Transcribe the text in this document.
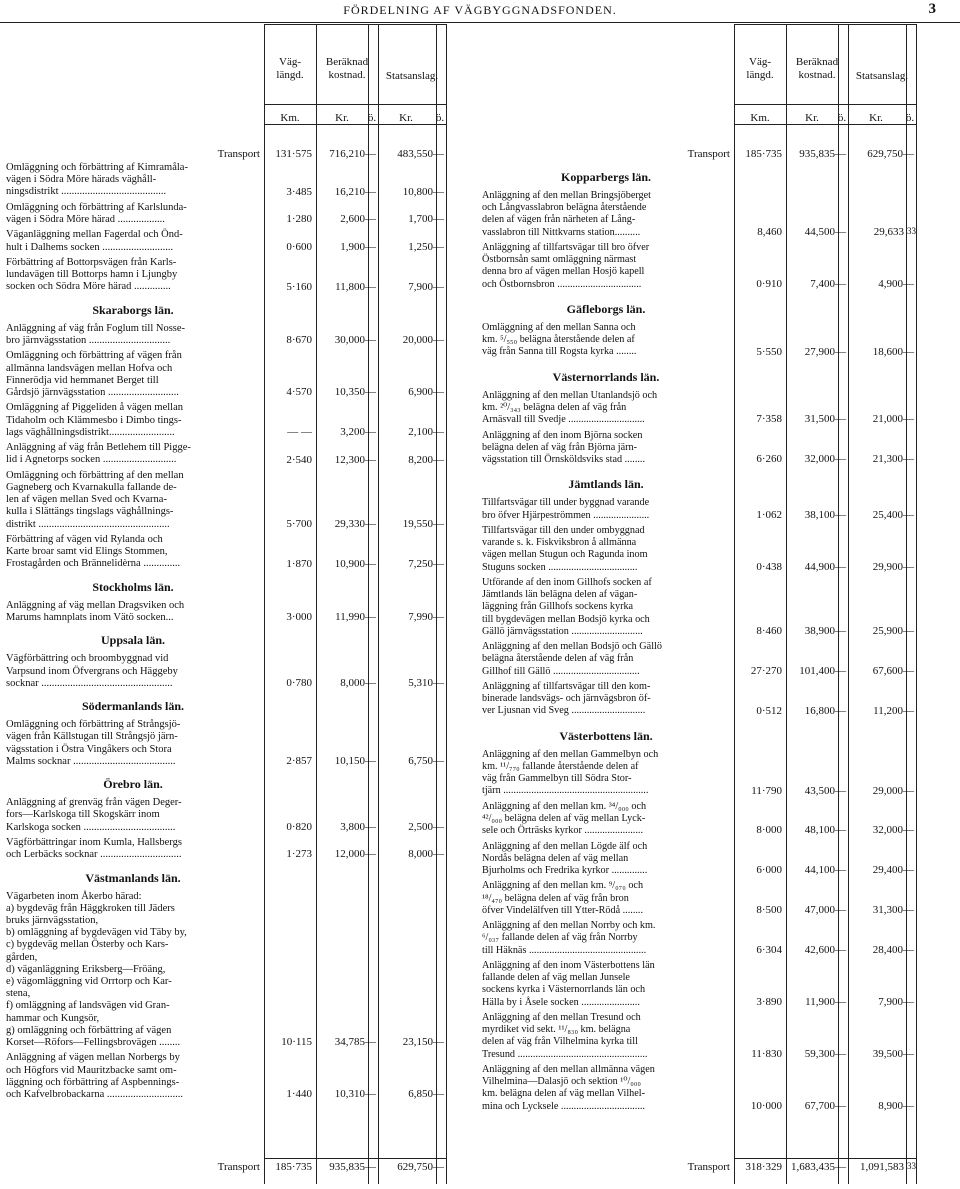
FÖRDELNING AF VÄGBYGGNADSFONDEN.	3
Väg-
längd.
Beräknad
kostnad.	Statsanslag.
Km.	Kr.	ö.	Kr.	ö.
Transport	131·575	716,210—	483,550—
Omläggning och förbättring af Kimramåla-
vägen i Södra Möre härads väghåll-
ningsdistrikt ........................................	3·485	16,210—	10,800—
Omläggning och förbättring af Karlslunda-
vägen i Södra Möre härad ..................	1·280	2,600—	1,700—
Väganläggning mellan Fagerdal och Önd-
hult i Dalhems socken ...........................	0·600	1,900—	1,250—
Förbättring af Bottorpsvägen från Karls-
lundavägen till Bottorps hamn i Ljungby
socken och Södra Möre härad ..............	5·160	11,800—	7,900—
Skaraborgs län.
Anläggning af väg från Foglum till Nosse-
bro järnvägsstation ...............................	8·670	30,000—	20,000—
Omläggning och förbättring af vägen från
allmänna landsvägen mellan Hofva och
Finnerödja vid hemmanet Berget till
Gårdsjö järnvägsstation ...........................	4·570	10,350—	6,900—
Omläggning af Piggeliden å vägen mellan
Tidaholm och Klämmesbo i Dimbo tings-
lags väghållningsdistrikt.........................	— —	3,200—	2,100—
Anläggning af väg från Betlehem till Pigge-
lid i Agnetorps socken ............................	2·540	12,300—	8,200—
Omläggning och förbättring af den mellan
Gagneberg och Kvarnakulla fallande de-
len af vägen mellan Sved och Kvarna-
kulla i Slättängs tingslags väghållnings-
distrikt ..................................................	5·700	29,330—	19,550—
Förbättring af vägen vid Rylanda och
Karte broar samt vid Elings Stommen,
Frostagården och Brännelidèrna ..............	1·870	10,900—	7,250—
Stockholms län.
Anläggning af väg mellan Dragsviken och
Marums hamnplats inom Vätö socken...	3·000	11,990—	7,990—
Uppsala län.
Vägförbättring och broombyggnad vid
Varpsund inom Öfvergrans och Häggeby
socknar ..................................................	0·780	8,000—	5,310—
Södermanlands län.
Omläggning och förbättring af Strångsjö-
vägen från Källstugan till Strångsjö järn-
vägsstation i Östra Vingåkers och Stora
Malms socknar .......................................	2·857	10,150—	6,750—
Örebro län.
Anläggning af grenväg från vägen Deger-
fors—Karlskoga till Skogskärr inom
Karlskoga socken ...................................	0·820	3,800—	2,500—
Vägförbättringar inom Kumla, Hallsbergs
och Lerbäcks socknar ...............................	1·273	12,000—	8,000—
Västmanlands län.
Vägarbeten inom Åkerbo härad:
a) bygdeväg från Häggkroken till Jäders
bruks järnvägsstation,
b) omläggning af bygdevägen vid Täby by,
c) bygdeväg mellan Österby och Kars-
gården,
d) väganläggning Eriksberg—Fröäng,
e) vägomläggning vid Orrtorp och Kar-
stena,
f) omläggning af landsvägen vid Gran-
hammar och Kungsör,
g) omläggning och förbättring af vägen
Korset—Röfors—Fellingsbrovägen ........	10·115	34,785—	23,150—
Anläggning af vägen mellan Norbergs by
och Högfors vid Mauritzbacke samt om-
läggning och förbättring af Aspbennings-
och Kafvelbrobackarna .............................	1·440	10,310—	6,850—
Transport	185·735	935,835—	629,750—
Väg-
längd.
Beräknad
kostnad.	Statsanslag.
Km.	Kr.	ö.	Kr.	ö.
Transport	185·735	935,835—	629,750—
Kopparbergs län.
Anläggning af den mellan Bringsjöberget
och Långvasslabron belägna återstående
delen af vägen från närheten af Lång-
vasslabron till Nittkvarns station..........	8,460	44,500—	29,633 33
Anläggning af tillfartsvägar till bro öfver
Östbornsån samt omläggning närmast
denna bro af vägen mellan Hosjö kapell
och Östbornsbron .................................	0·910	7,400—	4,900—
Gäfleborgs län.
Omläggning af den mellan Sanna och
km. ⁵/₅₅₀ belägna återstående delen af
väg från Sanna till Rogsta kyrka ........	5·550	27,900—	18,600—
Västernorrlands län.
Anläggning af den mellan Utanlandsjö och
km. ²⁰/₃₄₃ belägna delen af väg från
Arnäsvall till Svedje ..............................	7·358	31,500—	21,000—
Anläggning af den inom Björna socken
belägna delen af väg från Björna järn-
vägsstation till Örnsköldsviks stad ........	6·260	32,000—	21,300—
Jämtlands län.
Tillfartsvägar till under byggnad varande
bro öfver Hjärpeströmmen ......................	1·062	38,100—	25,400—
Tillfartsvägar till den under ombyggnad
varande s. k. Fiskviksbron å allmänna
vägen mellan Stugun och Ragunda inom
Stuguns socken ...................................	0·438	44,900—	29,900—
Utförande af den inom Gillhofs socken af
Jämtlands län belägna delen af vägan-
läggning från Gillhofs sockens kyrka
till bygdevägen mellan Bodsjö kyrka och
Gällö järnvägsstation ............................	8·460	38,900—	25,900—
Anläggning af den mellan Bodsjö och Gällö
belägna återstående delen af väg från
Gillhof till Gällö ..................................	27·270	101,400—	67,600—
Anläggning af tillfartsvägar till den kom-
binerade landsvägs- och järnvägsbron öf-
ver Ljusnan vid Sveg .............................	0·512	16,800—	11,200—
Västerbottens län.
Anläggning af den mellan Gammelbyn och
km. ¹¹/₇₇₀ fallande återstående delen af
väg från Gammelbyn till Södra Stor-
tjärn .........................................................	11·790	43,500—	29,000—
Anläggning af den mellan km. ³⁴/₀₀₀ och
⁴²/₀₀₀ belägna delen af väg mellan Lyck-
sele och Örträsks kyrkor .......................	8·000	48,100—	32,000—
Anläggning af den mellan Lögde älf och
Nordås belägna delen af väg mellan
Bjurholms och Fredrika kyrkor ..............	6·000	44,100—	29,400—
Anläggning af den mellan km. ⁹/₀₇₀ och
¹⁸/₄₇₀ belägna delen af väg från bron
öfver Vindelälfven till Ytter-Rödå ........	8·500	47,000—	31,300—
Anläggning af den mellan Norrby och km.
⁶/₀₃₇ fallande delen af väg från Norrby
till Häknäs ..............................................	6·304	42,600—	28,400—
Anläggning af den inom Västerbottens län
fallande delen af väg mellan Junsele
sockens kyrka i Västernorrlands län och
Hälla by i Åsele socken .......................	3·890	11,900—	7,900—
Anläggning af den mellan Tresund och
myrdiket vid sekt. ¹¹/₈₃₀ km. belägna
delen af väg från Vilhelmina kyrka till
Tresund ...................................................	11·830	59,300—	39,500—
Anläggning af den mellan allmänna vägen
Vilhelmina—Dalasjö och sektion ¹⁰/₀₀₀
km. belägna delen af väg mellan Vilhel-
mina och Lycksele .................................	10·000	67,700—	8,900—
Transport	318·329 1,683,435—	1,091,583 33
